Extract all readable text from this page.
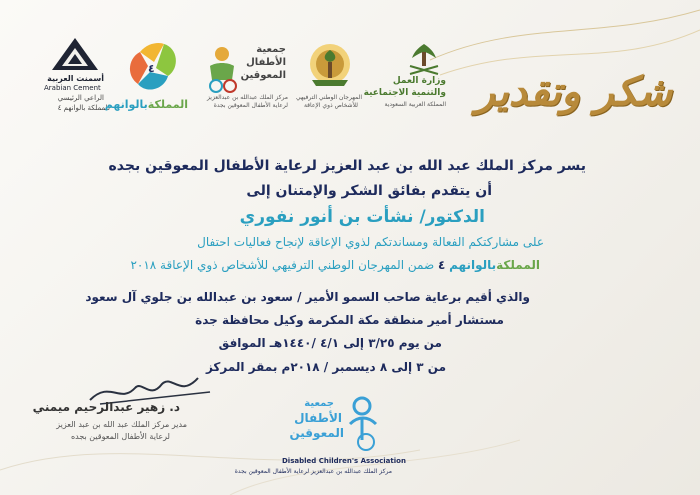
أسمنت العربية
Arabian Cement
الراعي الرئيسي
للمملكة بالوانهم ٤
٤
المملكةبالوانهم
جمعية
الأطفال
المعوقين
مركز الملك عبدالله بن عبدالعزيز
لرعاية الأطفال المعوقين بجدة
المهرجان الوطني الترفيهي
للأشخاص ذوي الإعاقة
وزارة العمل
والتنمية الاجتماعية
المملكة العربية السعودية شكر وتقدير
يسر مركز الملك عبد الله بن عبد العزيز لرعاية الأطفال المعوقين بجده
أن يتقدم بفائق الشكر والإمتنان إلى
الدكتور/ نشأت بن أنور نفوري
على مشاركتكم الفعالة ومساندتكم لذوي الإعاقة لإنجاح فعاليات احتفال
المملكةبالوانهم ٤ ضمن المهرجان الوطني الترفيهي للأشخاص ذوي الإعاقة ٢٠١٨
والذي أقيم برعاية صاحب السمو الأمير / سعود بن عبدالله بن جلوي آل سعود
مستشار أمير منطقة مكة المكرمة وكيل محافظة جدة
من يوم ٣/٢٥ إلى ٤/١ /١٤٤٠هـ الموافق
من ٣ إلى ٨ ديسمبر / ٢٠١٨م بمقر المركز
د. زهير عبدالرحيم ميمني
مدير مركز الملك عبد الله بن عبد العزيز
لرعاية الأطفال المعوقين بجده
جمعية
الأطفال
المعوقين
Disabled Children's Association
مركز الملك عبدالله بن عبدالعزيز لرعاية الأطفال المعوقين بجدة
